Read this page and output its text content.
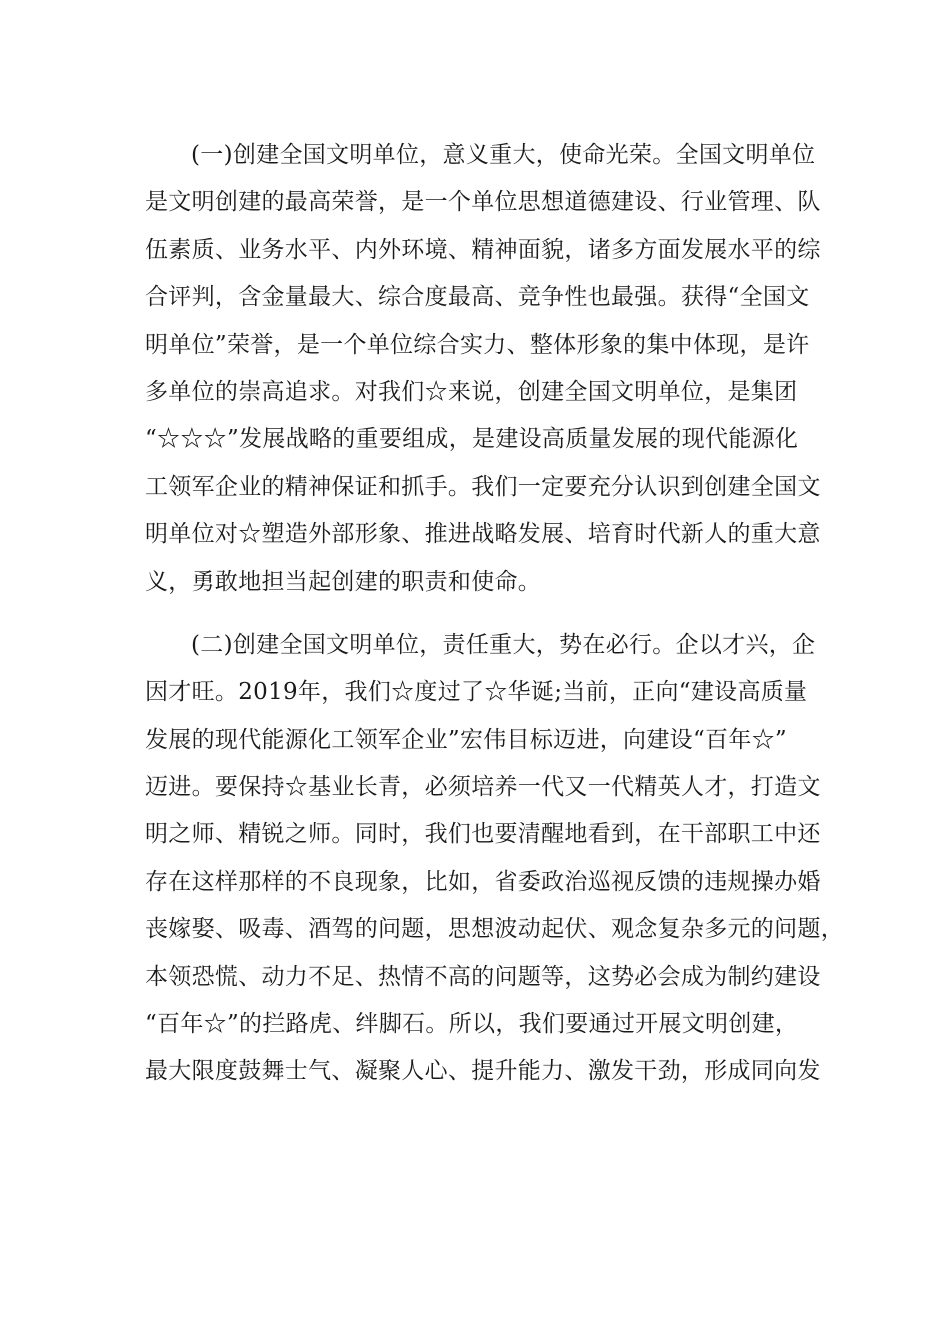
(一)创建全国文明单位，意义重大，使命光荣。全国文明单位
是文明创建的最高荣誉，是一个单位思想道德建设、行业管理、队
伍素质、业务水平、内外环境、精神面貌，诸多方面发展水平的综
合评判，含金量最大、综合度最高、竞争性也最强。获得“全国文
明单位”荣誉，是一个单位综合实力、整体形象的集中体现，是许
多单位的崇高追求。对我们☆来说，创建全国文明单位，是集团
“☆☆☆”发展战略的重要组成，是建设高质量发展的现代能源化
工领军企业的精神保证和抓手。我们一定要充分认识到创建全国文
明单位对☆塑造外部形象、推进战略发展、培育时代新人的重大意
义，勇敢地担当起创建的职责和使命。
(二)创建全国文明单位，责任重大，势在必行。企以才兴，企
因才旺。2019年，我们☆度过了☆华诞;当前，正向“建设高质量
发展的现代能源化工领军企业”宏伟目标迈进，向建设“百年☆”
迈进。要保持☆基业长青，必须培养一代又一代精英人才，打造文
明之师、精锐之师。同时，我们也要清醒地看到，在干部职工中还
存在这样那样的不良现象，比如，省委政治巡视反馈的违规操办婚
丧嫁娶、吸毒、酒驾的问题，思想波动起伏、观念复杂多元的问题，
本领恐慌、动力不足、热情不高的问题等，这势必会成为制约建设
“百年☆”的拦路虎、绊脚石。所以，我们要通过开展文明创建，
最大限度鼓舞士气、凝聚人心、提升能力、激发干劲，形成同向发
